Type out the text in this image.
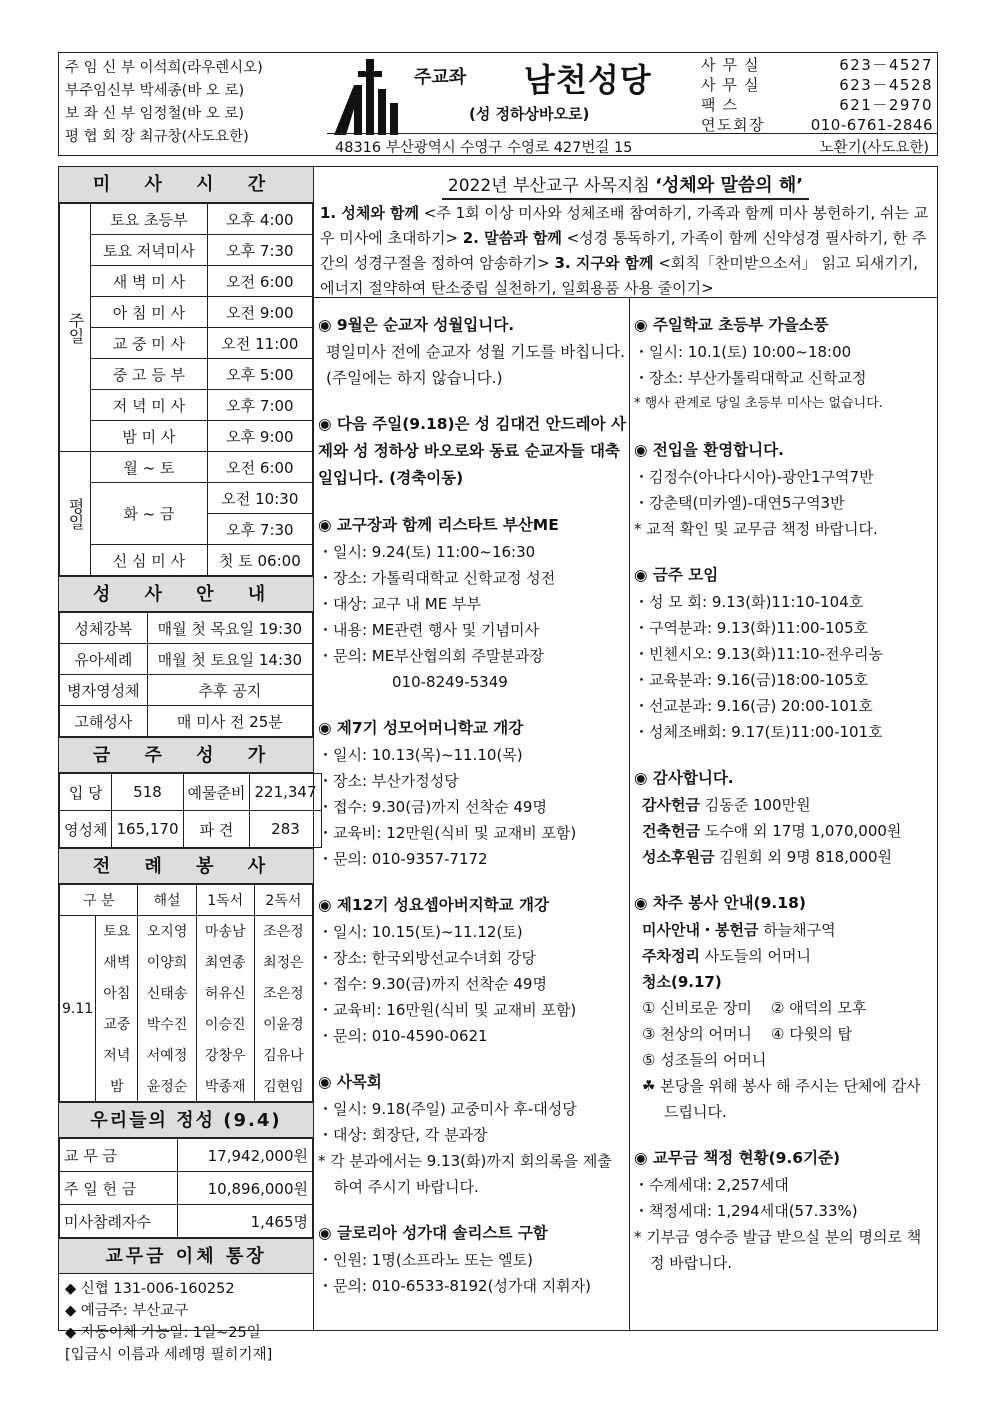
주 임 신 부 이석희(라우렌시오)
부주임신부 박세종(바 오 로)
보 좌 신 부 임정철(바 오 로)
평 협 회 장 최규창(사도요한)
주교좌 남천성당
(성 정하상바오로)
사무실	623－4527
사무실	623－4528
팩스	621－2970
연도회장	010-6761-2846
48316 부산광역시 수영구 수영로 427번길 15	노환기(사도요한)
미 사 시 간
주일	토요 초등부	오후 4:00
	토요 저녁미사	오후 7:30
	새 벽 미 사	오전 6:00
	아 침 미 사	오전 9:00
	교 중 미 사	오전 11:00
	중 고 등 부	오후 5:00
	저 녁 미 사	오후 7:00
	밤 미 사	오후 9:00
평일	월 ~ 토	오전 6:00
	화 ~ 금	오전 10:30
		오후 7:30
	신 심 미 사	첫 토 06:00
성 사 안 내
성체강복	매월 첫 목요일 19:30
유아세례	매월 첫 토요일 14:30
병자영성체	추후 공지
고해성사	매 미사 전 25분
금 주 성 가
입 당	518	예물준비	221,347
영성체	165,170	파 견	283
전 례 봉 사
구 분		해설	1독서	2독서
9.11	토요	오지영	마송남	조은정
	새벽	이양희	최연종	최정은
	아침	신태송	허유신	조은정
	교중	박수진	이승진	이윤경
	저녁	서예정	강창우	김유나
	밤	윤정순	박종재	김현임
우리들의 정성 (9.4)
교 무 금	17,942,000원
주 일 헌 금	10,896,000원
미사참례자수	1,465명
교무금 이체 통장
◆ 신협 131-006-160252
◆ 예금주: 부산교구
◆ 자동이체 가능일: 1일~25일
[입금시 이름과 세례명 필히기재]
2022년 부산교구 사목지침 ‘성체와 말씀의 해’
1. 성체와 함께 <주 1회 이상 미사와 성체조배 참여하기, 가족과 함께 미사 봉헌하기, 쉬는 교우 미사에 초대하기> 2. 말씀과 함께 <성경 통독하기, 가족이 함께 신약성경 필사하기, 한 주간의 성경구절을 정하여 암송하기> 3. 지구와 함께 <회칙「찬미받으소서」 읽고 되새기기, 에너지 절약하여 탄소중립 실천하기, 일회용품 사용 줄이기>
◉ 9월은 순교자 성월입니다.
평일미사 전에 순교자 성월 기도를 바칩니다.(주일에는 하지 않습니다.)
◉ 다음 주일(9.18)은 성 김대건 안드레아 사제와 성 정하상 바오로와 동료 순교자들 대축일입니다. (경축이동)
◉ 교구장과 함께 리스타트 부산ME
・일시: 9.24(토) 11:00~16:30
・장소: 가톨릭대학교 신학교정 성전
・대상: 교구 내 ME 부부
・내용: ME관련 행사 및 기념미사
・문의: ME부산협의회 주말분과장
010-8249-5349
◉ 제7기 성모어머니학교 개강
・일시: 10.13(목)~11.10(목)
・장소: 부산가정성당
・접수: 9.30(금)까지 선착순 49명
・교육비: 12만원(식비 및 교재비 포함)
・문의: 010-9357-7172
◉ 제12기 성요셉아버지학교 개강
・일시: 10.15(토)~11.12(토)
・장소: 한국외방선교수녀회 강당
・접수: 9.30(금)까지 선착순 49명
・교육비: 16만원(식비 및 교재비 포함)
・문의: 010-4590-0621
◉ 사목회
・일시: 9.18(주일) 교중미사 후-대성당
・대상: 회장단, 각 분과장
* 각 분과에서는 9.13(화)까지 회의록을 제출하여 주시기 바랍니다.
◉ 글로리아 성가대 솔리스트 구함
・인원: 1명(소프라노 또는 엘토)
・문의: 010-6533-8192(성가대 지휘자)
◉ 주일학교 초등부 가을소풍
・일시: 10.1(토) 10:00~18:00
・장소: 부산가톨릭대학교 신학교정
* 행사 관계로 당일 초등부 미사는 없습니다.
◉ 전입을 환영합니다.
・김정수(아나다시아)-광안1구역7반
・강춘택(미카엘)-대연5구역3반
* 교적 확인 및 교무금 책정 바랍니다.
◉ 금주 모임
・성 모 회: 9.13(화)11:10-104호
・구역분과: 9.13(화)11:00-105호
・빈첸시오: 9.13(화)11:10-전우리농
・교육분과: 9.16(금)18:00-105호
・선교분과: 9.16(금) 20:00-101호
・성체조배회: 9.17(토)11:00-101호
◉ 감사합니다.
감사헌금 김동준 100만원
건축헌금 도수애 외 17명 1,070,000원
성소후원금 김원회 외 9명 818,000원
◉ 차주 봉사 안내(9.18)
미사안내・봉헌금 하늘채구역
주차정리 사도들의 어머니
청소(9.17)
① 신비로운 장미    ② 애덕의 모후
③ 천상의 어머니    ④ 다윗의 탑
⑤ 성조들의 어머니
☘ 본당을 위해 봉사 해 주시는 단체에 감사 드립니다.
◉ 교무금 책정 현황(9.6기준)
・수계세대: 2,257세대
・책정세대: 1,294세대(57.33%)
* 기부금 영수증 발급 받으실 분의 명의로 책정 바랍니다.
